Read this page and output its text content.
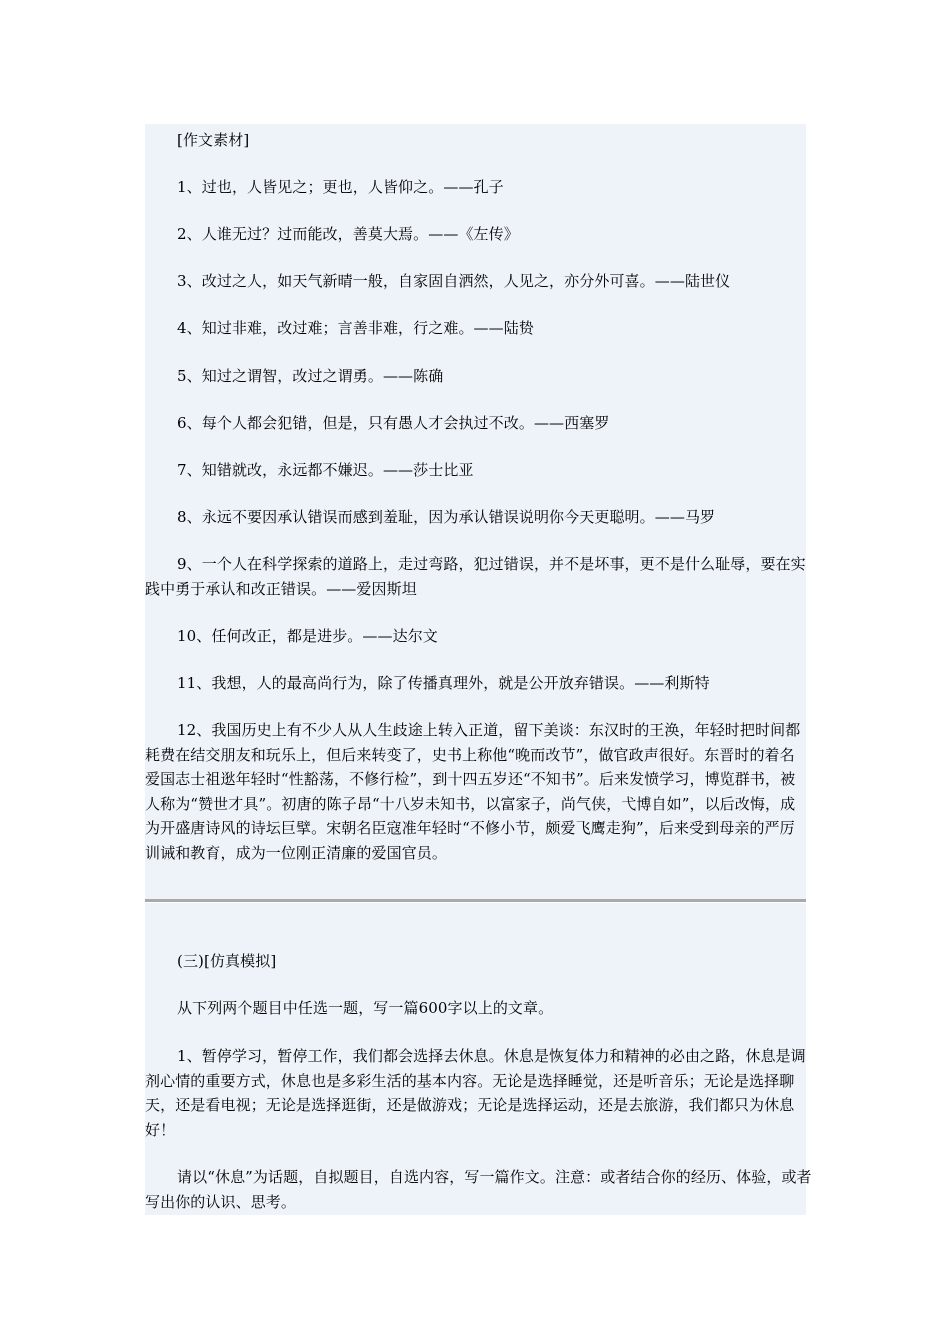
[作文素材]
1、过也，人皆见之；更也，人皆仰之。——孔子
2、人谁无过？过而能改，善莫大焉。——《左传》
3、改过之人，如天气新晴一般，自家固自洒然，人见之，亦分外可喜。——陆世仪
4、知过非难，改过难；言善非难，行之难。——陆贽
5、知过之谓智，改过之谓勇。——陈确
6、每个人都会犯错，但是，只有愚人才会执过不改。——西塞罗
7、知错就改，永远都不嫌迟。——莎士比亚
8、永远不要因承认错误而感到羞耻，因为承认错误说明你今天更聪明。——马罗
9、一个人在科学探索的道路上，走过弯路，犯过错误，并不是坏事，更不是什么耻辱，要在实践中勇于承认和改正错误。——爱因斯坦
10、任何改正，都是进步。——达尔文
11、我想，人的最高尚行为，除了传播真理外，就是公开放弃错误。——利斯特
12、我国历史上有不少人从人生歧途上转入正道，留下美谈：东汉时的王涣，年轻时把时间都耗费在结交朋友和玩乐上，但后来转变了，史书上称他“晚而改节”，做官政声很好。东晋时的着名爱国志士祖逖年轻时“性豁荡，不修行检”，到十四五岁还“不知书”。后来发愤学习，博览群书，被人称为“赞世才具”。初唐的陈子昂“十八岁未知书，以富家子，尚气侠，弋博自如”，以后改悔，成为开盛唐诗风的诗坛巨擘。宋朝名臣寇准年轻时“不修小节，颇爱飞鹰走狗”，后来受到母亲的严厉训诫和教育，成为一位刚正清廉的爱国官员。
(三)[仿真模拟]
从下列两个题目中任选一题，写一篇600字以上的文章。
1、暂停学习，暂停工作，我们都会选择去休息。休息是恢复体力和精神的必由之路，休息是调剂心情的重要方式，休息也是多彩生活的基本内容。无论是选择睡觉，还是听音乐；无论是选择聊天，还是看电视；无论是选择逛街，还是做游戏；无论是选择运动，还是去旅游，我们都只为休息好！
请以“休息”为话题，自拟题目，自选内容，写一篇作文。注意：或者结合你的经历、体验，或者写出你的认识、思考。
